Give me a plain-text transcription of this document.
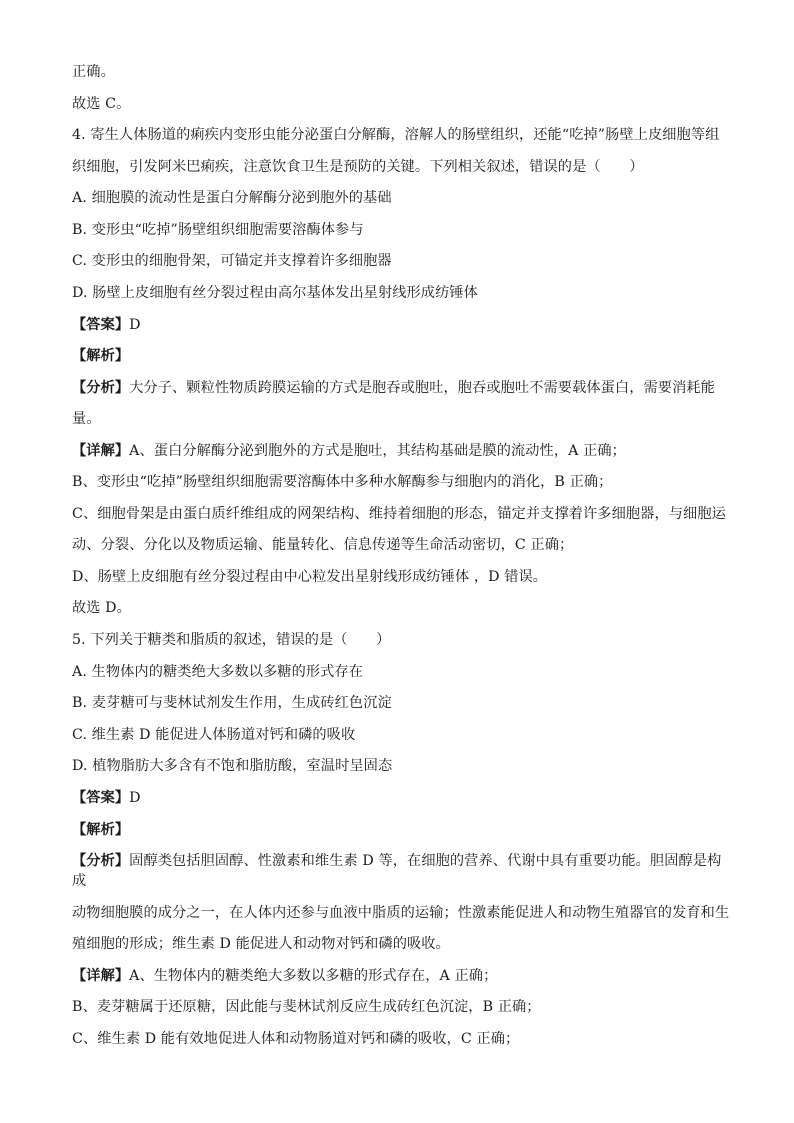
正确。

故选 C。

4. 寄生人体肠道的痢疾内变形虫能分泌蛋白分解酶，溶解人的肠壁组织，还能“吃掉”肠壁上皮细胞等组

织细胞，引发阿米巴痢疾，注意饮食卫生是预防的关键。下列相关叙述，错误的是（　　）

A. 细胞膜的流动性是蛋白分解酶分泌到胞外的基础

B. 变形虫“吃掉”肠壁组织细胞需要溶酶体参与

C. 变形虫的细胞骨架，可锚定并支撑着许多细胞器

D. 肠壁上皮细胞有丝分裂过程由高尔基体发出星射线形成纺锤体

【答案】D

【解析】

【分析】大分子、颗粒性物质跨膜运输的方式是胞吞或胞吐，胞吞或胞吐不需要载体蛋白，需要消耗能

量。

【详解】A、蛋白分解酶分泌到胞外的方式是胞吐，其结构基础是膜的流动性，A 正确；

B、变形虫“吃掉”肠壁组织细胞需要溶酶体中多种水解酶参与细胞内的消化，B 正确；

C、细胞骨架是由蛋白质纤维组成的网架结构、维持着细胞的形态，锚定并支撑着许多细胞器，与细胞运

动、分裂、分化以及物质运输、能量转化、信息传递等生命活动密切，C 正确；

D、肠壁上皮细胞有丝分裂过程由中心粒发出星射线形成纺锤体 ，D 错误。

故选 D。

5. 下列关于糖类和脂质的叙述，错误的是（　　）

A. 生物体内的糖类绝大多数以多糖的形式存在

B. 麦芽糖可与斐林试剂发生作用，生成砖红色沉淀

C. 维生素 D 能促进人体肠道对钙和磷的吸收

D. 植物脂肪大多含有不饱和脂肪酸，室温时呈固态

【答案】D

【解析】

【分析】固醇类包括胆固醇、性激素和维生素 D 等，在细胞的营养、代谢中具有重要功能。胆固醇是构成

动物细胞膜的成分之一，在人体内还参与血液中脂质的运输；性激素能促进人和动物生殖器官的发育和生

殖细胞的形成；维生素 D 能促进人和动物对钙和磷的吸收。

【详解】A、生物体内的糖类绝大多数以多糖的形式存在，A 正确；

B、麦芽糖属于还原糖，因此能与斐林试剂反应生成砖红色沉淀，B 正确；

C、维生素 D 能有效地促进人体和动物肠道对钙和磷的吸收，C 正确；
